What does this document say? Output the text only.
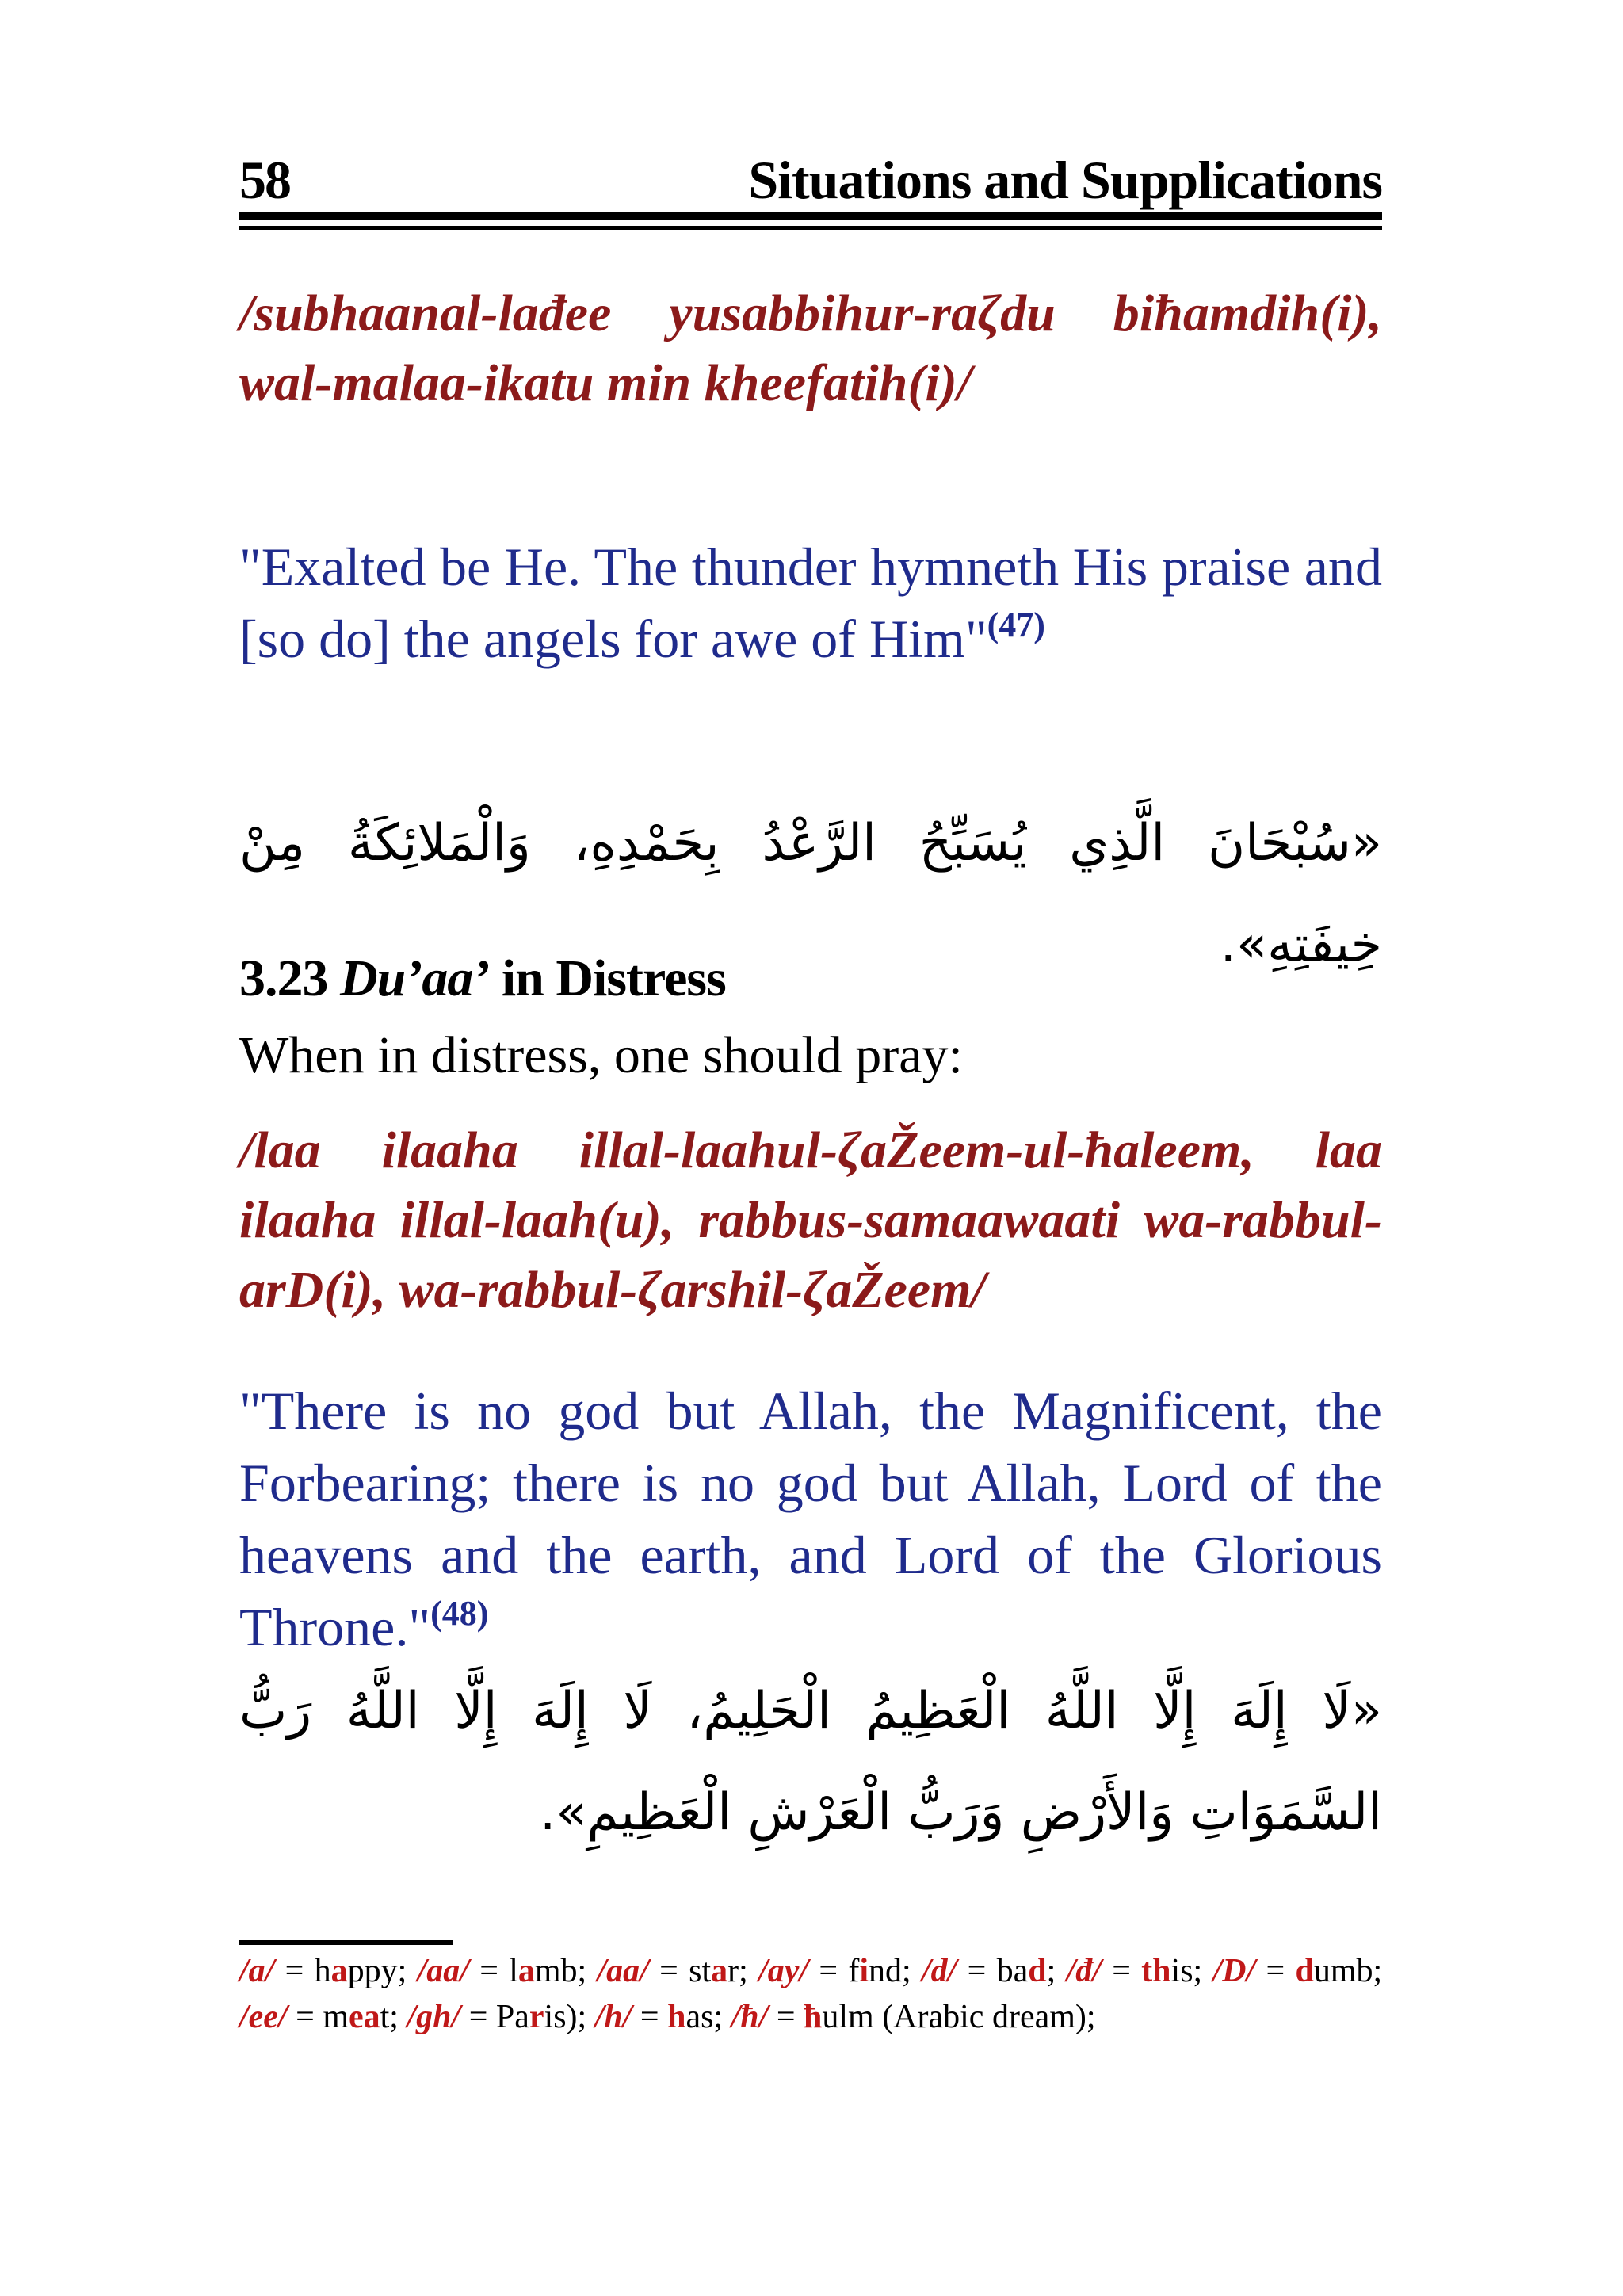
58	Situations and Supplications
/subhaanal-lađee yusabbihur-raζdu biћamdih(i), wal-malaa-ikatu min kheefatih(i)/
"Exalted be He. The thunder hymneth His praise and [so do] the angels for awe of Him"$^{(47)}$
«سُبْحَانَ الَّذِي يُسَبِّحُ الرَّعْدُ بِحَمْدِهِ، وَالْمَلائِكَةُ مِنْ خِيفَتِهِ».
3.23 Du’aa’ in Distress
When in distress, one should pray:
/laa ilaaha illal-laahul-ζaŽeem-ul-ћaleem, laa ilaaha illal-laah(u), rabbus-samaawaati wa-rabbul-arD(i), wa-rabbul-ζarshil-ζaŽeem/
"There is no god but Allah, the Magnificent, the Forbearing; there is no god but Allah, Lord of the heavens and the earth, and Lord of the Glorious Throne."$^{(48)}$
«لَا إِلَهَ إِلَّا اللَّهُ الْعَظِيمُ الْحَلِيمُ، لَا إِلَهَ إِلَّا اللَّهُ رَبُّ السَّمَوَاتِ وَالأَرْضِ وَرَبُّ الْعَرْشِ الْعَظِيمِ».
/a/ = happy; /aa/ = lamb; /aa/ = star; /ay/ = find; /d/ = bad; /đ/ = this; /D/ = dumb; /ee/ = meat; /gh/ = Paris); /h/ = has; /ћ/ = ћulm (Arabic dream);
